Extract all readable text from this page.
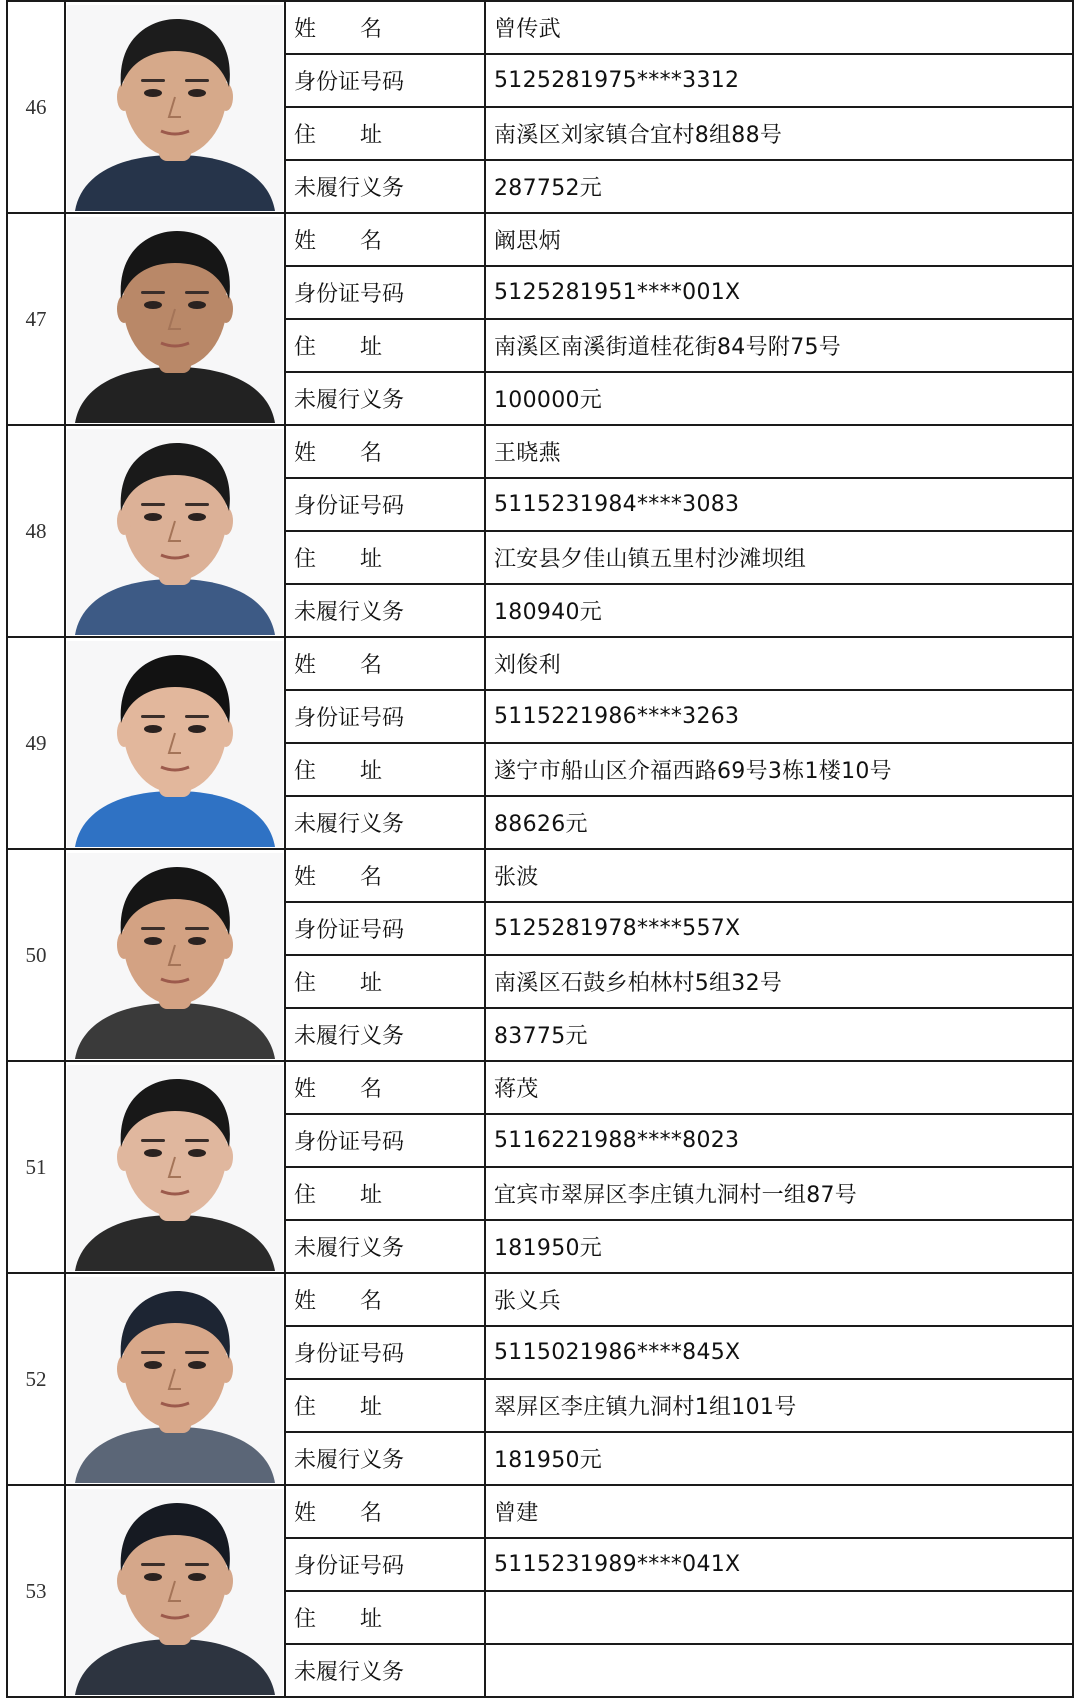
46		姓　　名	曾传武
		身份证号码	5125281975****3312
		住　　址	南溪区刘家镇合宜村8组88号
		未履行义务	287752元
47		姓　　名	阚思炳
		身份证号码	5125281951****001X
		住　　址	南溪区南溪街道桂花街84号附75号
		未履行义务	100000元
48		姓　　名	王晓燕
		身份证号码	5115231984****3083
		住　　址	江安县夕佳山镇五里村沙滩坝组
		未履行义务	180940元
49		姓　　名	刘俊利
		身份证号码	5115221986****3263
		住　　址	遂宁市船山区介福西路69号3栋1楼10号
		未履行义务	88626元
50		姓　　名	张波
		身份证号码	5125281978****557X
		住　　址	南溪区石鼓乡柏林村5组32号
		未履行义务	83775元
51		姓　　名	蒋茂
		身份证号码	5116221988****8023
		住　　址	宜宾市翠屏区李庄镇九洞村一组87号
		未履行义务	181950元
52		姓　　名	张义兵
		身份证号码	5115021986****845X
		住　　址	翠屏区李庄镇九洞村1组101号
		未履行义务	181950元
53		姓　　名	曾建
		身份证号码	5115231989****041X
		住　　址	
		未履行义务	
